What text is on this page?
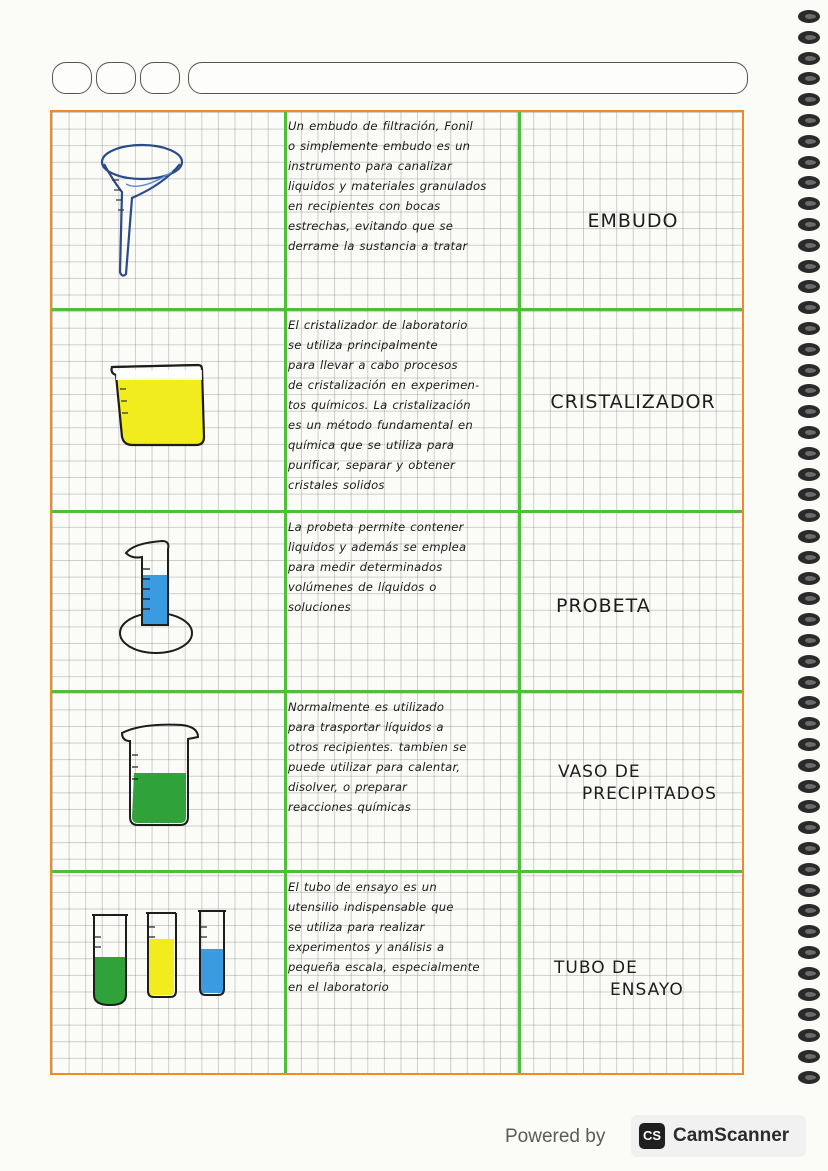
Un embudo de filtración, Fonil
o simplemente embudo es un
instrumento para canalizar
liquidos y materiales granulados
en recipientes con bocas
estrechas, evitando que se
derrame la sustancia a tratar
EMBUDO
El cristalizador de laboratorio
se utiliza principalmente
para llevar a cabo procesos
de cristalización en experimen-
tos químicos. La cristalización
es un método fundamental en
química que se utiliza para
purificar, separar y obtener
cristales solidos
CRISTALIZADOR
La probeta permite contener
liquidos y además se emplea
para medir determinados
volúmenes de líquidos o
soluciones	PROBETA
Normalmente es utilizado
para trasportar líquidos a
otros recipientes. tambien se
puede utilizar para calentar,
disolver, o preparar
reacciones químicas
VASO DE
PRECIPITADOS
El tubo de ensayo es un
utensilio indispensable que
se utiliza para realizar
experimentos y análisis a
pequeña escala, especialmente
en el laboratorio
TUBO DE
ENSAYO
Powered by	CS CamScanner
